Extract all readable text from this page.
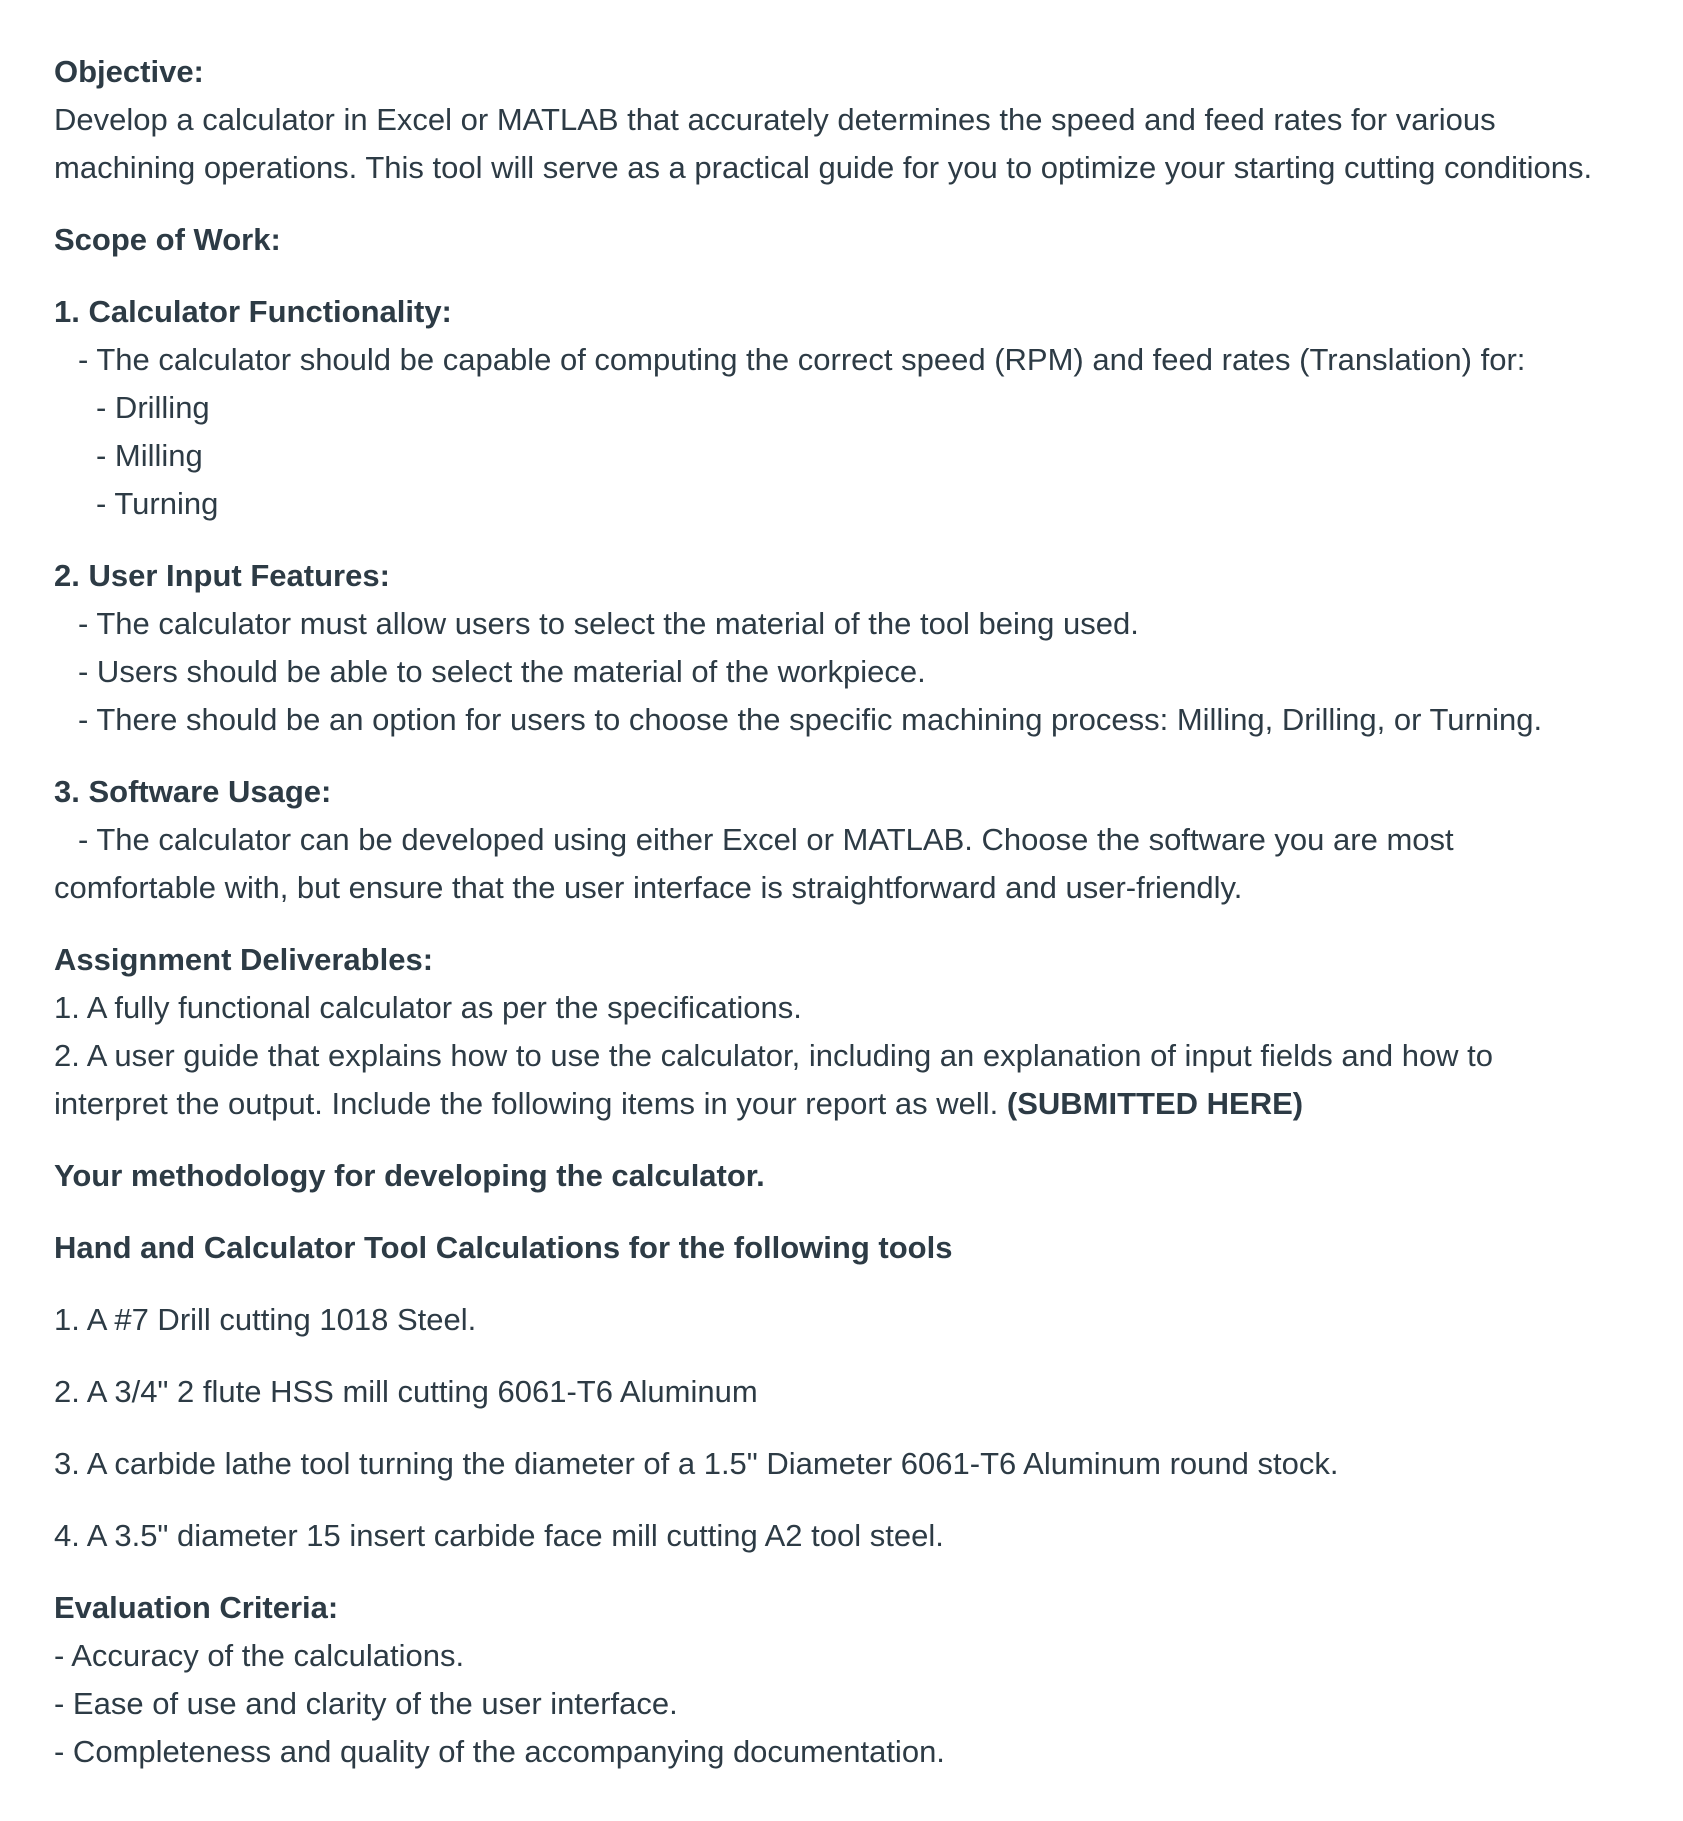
Objective:
Develop a calculator in Excel or MATLAB that accurately determines the speed and feed rates for various machining operations. This tool will serve as a practical guide for you to optimize your starting cutting conditions.
Scope of Work:
1. Calculator Functionality:
- The calculator should be capable of computing the correct speed (RPM) and feed rates (Translation) for:
- Drilling
- Milling
- Turning
2. User Input Features:
- The calculator must allow users to select the material of the tool being used.
- Users should be able to select the material of the workpiece.
- There should be an option for users to choose the specific machining process: Milling, Drilling, or Turning.
3. Software Usage:
- The calculator can be developed using either Excel or MATLAB. Choose the software you are most
comfortable with, but ensure that the user interface is straightforward and user-friendly.
Assignment Deliverables:
1. A fully functional calculator as per the specifications.
2. A user guide that explains how to use the calculator, including an explanation of input fields and how to
interpret the output. Include the following items in your report as well. (SUBMITTED HERE)
Your methodology for developing the calculator.
Hand and Calculator Tool Calculations for the following tools
1. A #7 Drill cutting 1018 Steel.
2. A 3/4" 2 flute HSS mill cutting 6061-T6 Aluminum
3. A carbide lathe tool turning the diameter of a 1.5" Diameter 6061-T6 Aluminum round stock.
4. A 3.5" diameter 15 insert carbide face mill cutting A2 tool steel.
Evaluation Criteria:
- Accuracy of the calculations.
- Ease of use and clarity of the user interface.
- Completeness and quality of the accompanying documentation.
